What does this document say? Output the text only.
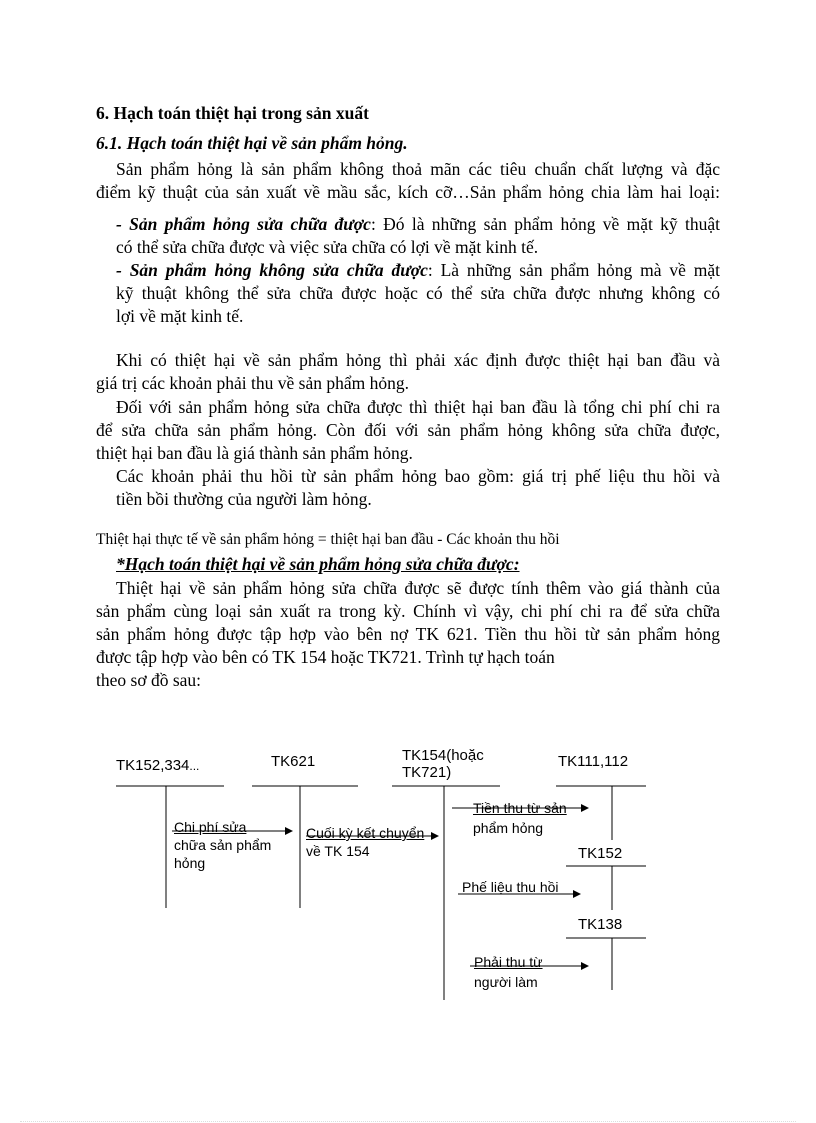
6. Hạch toán thiệt hại trong sản xuất
6.1. Hạch toán thiệt hại về sản phẩm hỏng.
Sản phẩm hỏng là sản phẩm không thoả mãn các tiêu chuẩn chất lượng và đặc
điểm kỹ thuật của sản xuất về mầu sắc, kích cỡ…Sản phẩm hỏng chia làm hai loại:
- Sản phẩm hỏng sửa chữa được: Đó là những sản phẩm hỏng về mặt kỹ thuật
có thể sửa chữa được và việc sửa chữa có lợi về mặt kinh tế.
- Sản phẩm hỏng không sửa chữa được: Là những sản phẩm hỏng mà về mặt
kỹ thuật không thể sửa chữa được hoặc có thể sửa chữa được nhưng không có
lợi về mặt kinh tế.
Khi có thiệt hại về sản phẩm hỏng thì phải xác định được thiệt hại ban đầu và
giá trị các khoản phải thu về sản phẩm hỏng.
Đối với sản phẩm hỏng sửa chữa được thì thiệt hại ban đầu là tổng chi phí chi ra
để sửa chữa sản phẩm hỏng. Còn đối với sản phẩm hỏng không sửa chữa được,
thiệt hại ban đầu là giá thành sản phẩm hỏng.
Các khoản phải thu hồi từ sản phẩm hỏng bao gồm: giá trị phế liệu thu hồi và
tiền bồi thường của người làm hỏng.
Thiệt hại thực tế về sản phẩm hỏng = thiệt hại ban đầu - Các khoản thu hồi
*Hạch toán thiệt hại về sản phẩm hỏng sửa chữa được:
Thiệt hại về sản phẩm hỏng sửa chữa được sẽ được tính thêm vào giá thành của
sản phẩm cùng loại sản xuất ra trong kỳ. Chính vì vậy, chi phí chi ra để sửa chữa
sản phẩm hỏng được tập hợp vào bên nợ TK 621. Tiền thu hồi từ sản phẩm hỏng
được tập hợp vào bên có TK 154 hoặc TK721. Trình tự hạch toán
theo sơ đồ sau:
TK152,334...	TK621	TK154(hoặc
TK721)
TK111,112
TK152
TK138
Chi phí sửa
chữa sản phẩm
hỏng
Cuối kỳ kết chuyển
về TK 154
Tiền thu từ sản
phẩm hỏng
Phế liệu thu hồi
Phải thu từ
người làm
